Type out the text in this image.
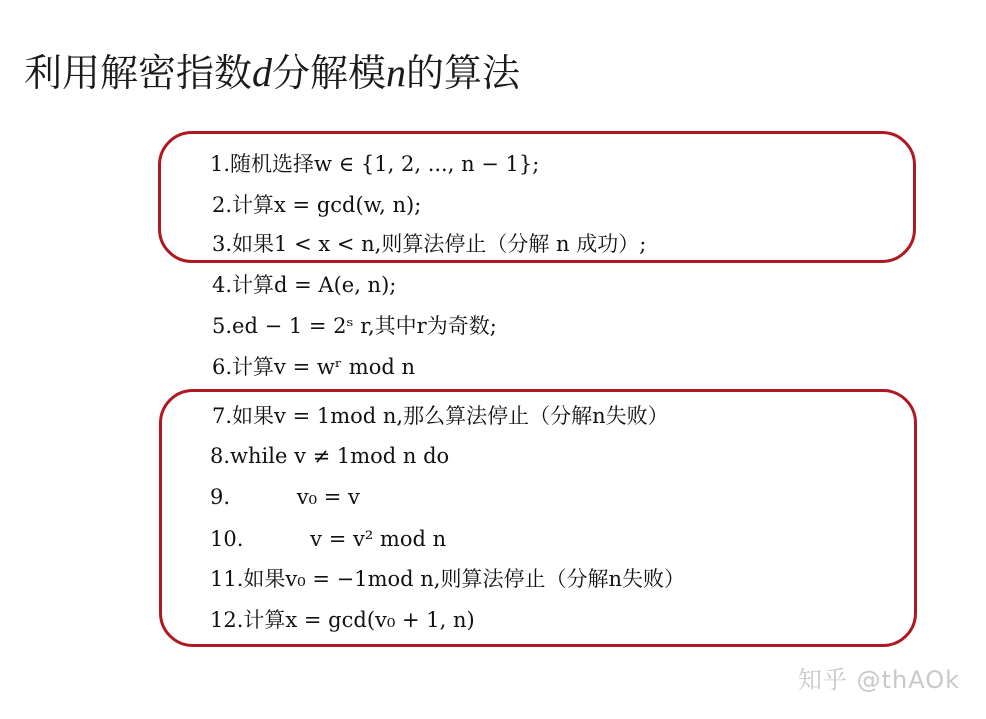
利用解密指数d分解模n的算法
1.随机选择w ∈ {1, 2, ..., n − 1};
2.计算x = gcd(w, n);
3.如果1 < x < n,则算法停止（分解 n 成功）;
4.计算d = A(e, n);
5.ed − 1 = 2ˢ r,其中r为奇数;
6.计算v = wʳ mod n
7.如果v = 1mod n,那么算法停止（分解n失败）
8.while v ≠ 1mod n do
9.          v₀ = v
10.          v = v² mod n
11.如果v₀ = −1mod n,则算法停止（分解n失败）
12.计算x = gcd(v₀ + 1, n)
知乎 @thAOk
